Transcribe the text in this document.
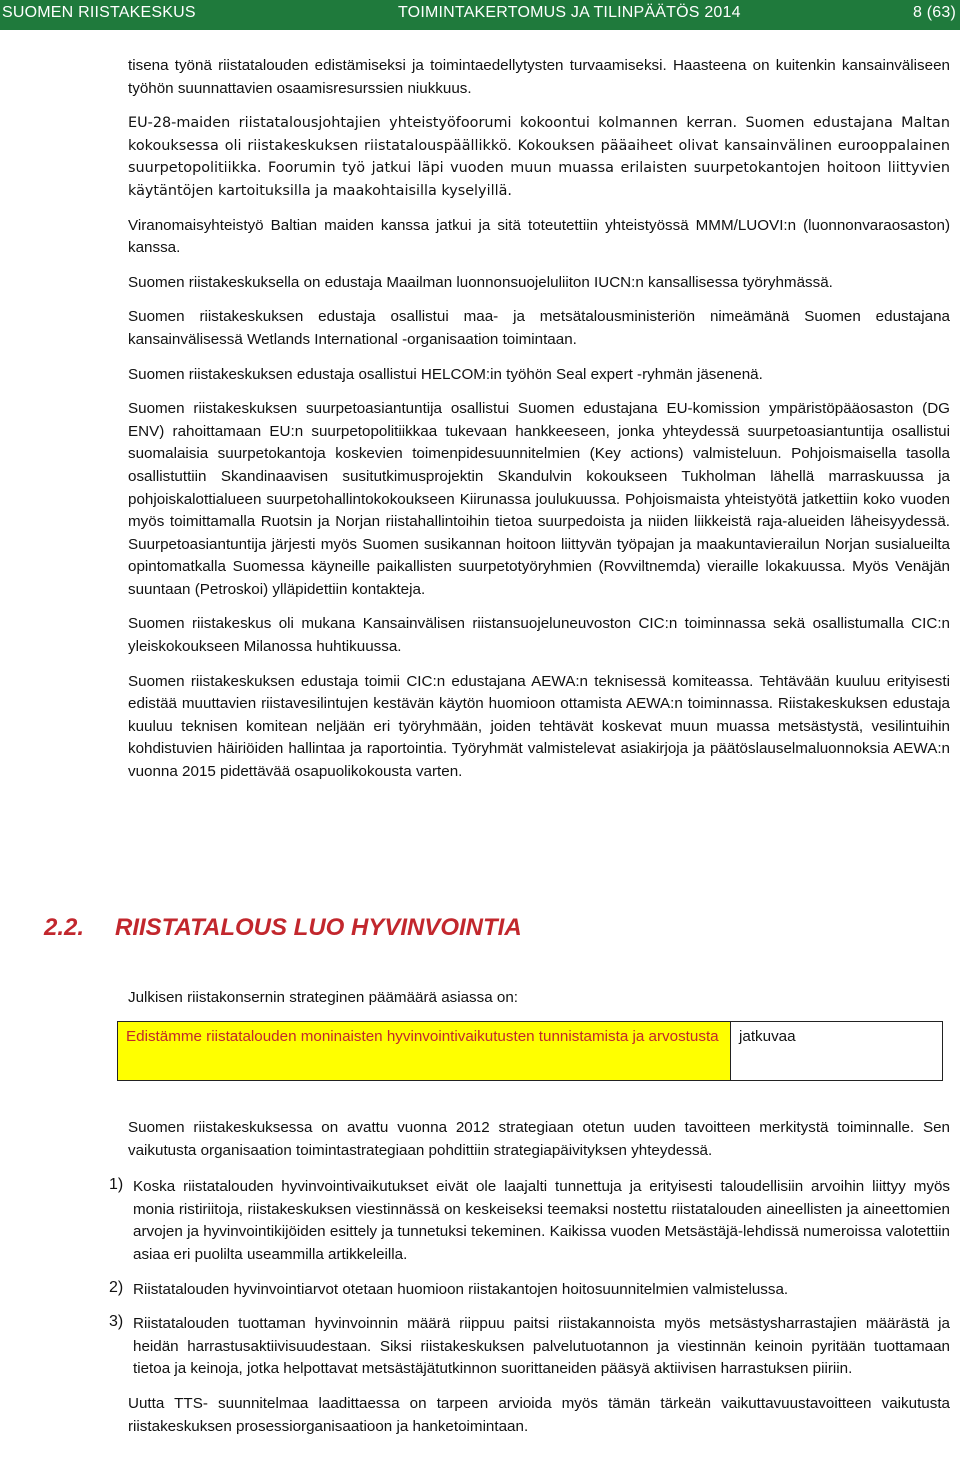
SUOMEN RIISTAKESKUS	TOIMINTAKERTOMUS JA TILINPÄÄTÖS 2014	8 (63)

tisena työnä riistatalouden edistämiseksi ja toimintaedellytysten turvaamiseksi. Haasteena on kuitenkin kansainväliseen työhön suunnattavien osaamisresurssien niukkuus.

EU-28-maiden riistatalousjohtajien yhteistyöfoorumi kokoontui kolmannen kerran. Suomen edustajana Maltan kokouksessa oli riistakeskuksen riistatalouspäällikkö. Kokouksen pääaiheet olivat kansainvälinen eurooppalainen suurpetopolitiikka. Foorumin työ jatkui läpi vuoden muun muassa erilaisten suurpetokantojen hoitoon liittyvien käytäntöjen kartoituksilla ja maakohtaisilla kyselyillä.

Viranomaisyhteistyö Baltian maiden kanssa jatkui ja sitä toteutettiin yhteistyössä MMM/LUOVI:n (luonnonvaraosaston) kanssa.

Suomen riistakeskuksella on edustaja Maailman luonnonsuojeluliiton IUCN:n kansallisessa työryhmässä.

Suomen riistakeskuksen edustaja osallistui maa- ja metsätalousministeriön nimeämänä Suomen edustajana kansainvälisessä Wetlands International -organisaation toimintaan.

Suomen riistakeskuksen edustaja osallistui HELCOM:in työhön Seal expert -ryhmän jäsenenä.

Suomen riistakeskuksen suurpetoasiantuntija osallistui Suomen edustajana EU-komission ympäristöpääosaston (DG ENV) rahoittamaan EU:n suurpetopolitiikkaa tukevaan hankkeeseen, jonka yhteydessä suurpetoasiantuntija osallistui suomalaisia suurpetokantoja koskevien toimenpidesuunnitelmien (Key actions) valmisteluun. Pohjoismaisella tasolla osallistuttiin Skandinaavisen susitutkimusprojektin Skandulvin kokoukseen Tukholman lähellä marraskuussa ja pohjoiskalottialueen suurpetohallintokokoukseen Kiirunassa joulukuussa. Pohjoismaista yhteistyötä jatkettiin koko vuoden myös toimittamalla Ruotsin ja Norjan riistahallintoihin tietoa suurpedoista ja niiden liikkeistä raja-alueiden läheisyydessä. Suurpetoasiantuntija järjesti myös Suomen susikannan hoitoon liittyvän työpajan ja maakuntavierailun Norjan susialueilta opintomatkalla Suomessa käyneille paikallisten suurpetotyöryhmien (Rovviltnemda) vieraille lokakuussa. Myös Venäjän suuntaan (Petroskoi) ylläpidettiin kontakteja.

Suomen riistakeskus oli mukana Kansainvälisen riistansuojeluneuvoston CIC:n toiminnassa sekä osallistumalla CIC:n yleiskokoukseen Milanossa huhtikuussa.

Suomen riistakeskuksen edustaja toimii CIC:n edustajana AEWA:n teknisessä komiteassa. Tehtävään kuuluu erityisesti edistää muuttavien riistavesilintujen kestävän käytön huomioon ottamista AEWA:n toiminnassa. Riistakeskuksen edustaja kuuluu teknisen komitean neljään eri työryhmään, joiden tehtävät koskevat muun muassa metsästystä, vesilintuihin kohdistuvien häiriöiden hallintaa ja raportointia. Työryhmät valmistelevat asiakirjoja ja päätöslauselmaluonnoksia AEWA:n vuonna 2015 pidettävää osapuolikokousta varten.

2.2. RIISTATALOUS LUO HYVINVOINTIA

Julkisen riistakonsernin strateginen päämäärä asiassa on:

Edistämme riistatalouden moninaisten hyvinvointivaikutusten tunnistamista ja arvostusta	jatkuvaa

Suomen riistakeskuksessa on avattu vuonna 2012 strategiaan otetun uuden tavoitteen merkitystä toiminnalle. Sen vaikutusta organisaation toimintastrategiaan pohdittiin strategiapäivityksen yhteydessä.

1) Koska riistatalouden hyvinvointivaikutukset eivät ole laajalti tunnettuja ja erityisesti taloudellisiin arvoihin liittyy myös monia ristiriitoja, riistakeskuksen viestinnässä on keskeiseksi teemaksi nostettu riistatalouden aineellisten ja aineettomien arvojen ja hyvinvointikijöiden esittely ja tunnetuksi tekeminen. Kaikissa vuoden Metsästäjä-lehdissä numeroissa valotettiin asiaa eri puolilta useammilla artikkeleilla.

2) Riistatalouden hyvinvointiarvot otetaan huomioon riistakantojen hoitosuunnitelmien valmistelussa.

3) Riistatalouden tuottaman hyvinvoinnin määrä riippuu paitsi riistakannoista myös metsästysharrastajien määrästä ja heidän harrastusaktiivisuudestaan. Siksi riistakeskuksen palvelutuotannon ja viestinnän keinoin pyritään tuottamaan tietoa ja keinoja, jotka helpottavat metsästäjätutkinnon suorittaneiden pääsyä aktiivisen harrastuksen piiriin.

Uutta TTS- suunnitelmaa laadittaessa on tarpeen arvioida myös tämän tärkeän vaikuttavuustavoitteen vaikutusta riistakeskuksen prosessiorganisaatioon ja hanketoimintaan.
